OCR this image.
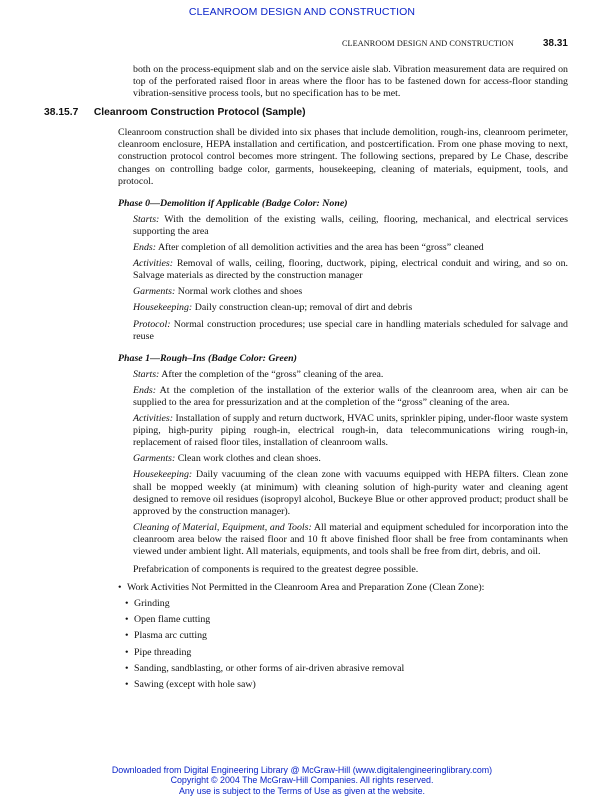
CLEANROOM DESIGN AND CONSTRUCTION
CLEANROOM DESIGN AND CONSTRUCTION	38.31

both on the process-equipment slab and on the service aisle slab. Vibration measurement data are required on top of the perforated raised floor in areas where the floor has to be fastened down for access-floor standing vibration-sensitive process tools, but no specification has to be met.

38.15.7 Cleanroom Construction Protocol (Sample)

Cleanroom construction shall be divided into six phases that include demolition, rough-ins, cleanroom perimeter, cleanroom enclosure, HEPA installation and certification, and postcertification. From one phase moving to next, construction protocol control becomes more stringent. The following sections, prepared by Le Chase, describe changes on controlling badge color, garments, housekeeping, cleaning of materials, equipment, tools, and protocol.

Phase 0—Demolition if Applicable (Badge Color: None)

Starts: With the demolition of the existing walls, ceiling, flooring, mechanical, and electrical services supporting the area

Ends: After completion of all demolition activities and the area has been “gross” cleaned

Activities: Removal of walls, ceiling, flooring, ductwork, piping, electrical conduit and wiring, and so on. Salvage materials as directed by the construction manager

Garments: Normal work clothes and shoes

Housekeeping: Daily construction clean-up; removal of dirt and debris

Protocol: Normal construction procedures; use special care in handling materials scheduled for salvage and reuse

Phase 1—Rough–Ins (Badge Color: Green)

Starts: After the completion of the “gross” cleaning of the area.

Ends: At the completion of the installation of the exterior walls of the cleanroom area, when air can be supplied to the area for pressurization and at the completion of the “gross” cleaning of the area.

Activities: Installation of supply and return ductwork, HVAC units, sprinkler piping, under-floor waste system piping, high-purity piping rough-in, electrical rough-in, data telecommunications wiring rough-in, replacement of raised floor tiles, installation of cleanroom walls.

Garments: Clean work clothes and clean shoes.

Housekeeping: Daily vacuuming of the clean zone with vacuums equipped with HEPA filters. Clean zone shall be mopped weekly (at minimum) with cleaning solution of high-purity water and cleaning agent designed to remove oil residues (isopropyl alcohol, Buckeye Blue or other approved product; product shall be approved by the construction manager).

Cleaning of Material, Equipment, and Tools: All material and equipment scheduled for incorporation into the cleanroom area below the raised floor and 10 ft above finished floor shall be free from contaminants when viewed under ambient light. All materials, equipments, and tools shall be free from dirt, debris, and oil.

Prefabrication of components is required to the greatest degree possible.

• Work Activities Not Permitted in the Cleanroom Area and Preparation Zone (Clean Zone):
• Grinding
• Open flame cutting
• Plasma arc cutting
• Pipe threading
• Sanding, sandblasting, or other forms of air-driven abrasive removal
• Sawing (except with hole saw)
Downloaded from Digital Engineering Library @ McGraw-Hill (www.digitalengineeringlibrary.com)
Copyright © 2004 The McGraw-Hill Companies. All rights reserved.
Any use is subject to the Terms of Use as given at the website.
